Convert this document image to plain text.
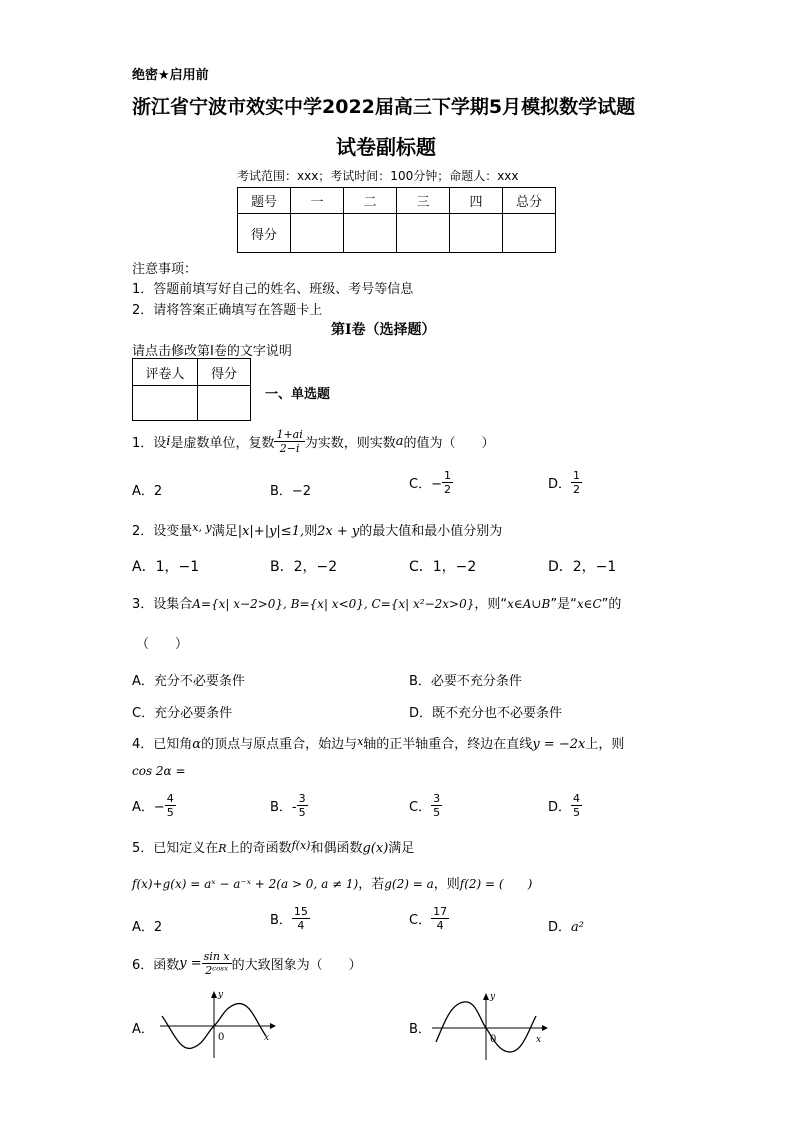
绝密★启用前
浙江省宁波市效实中学2022届高三下学期5月模拟数学试题
试卷副标题
考试范围：xxx；考试时间：100分钟；命题人：xxx
题号	一	二	三	四	总分
得分					
注意事项：
1．答题前填写好自己的姓名、班级、考号等信息
2．请将答案正确填写在答题卡上
第I卷（选择题）
请点击修改第I卷的文字说明
评卷人	得分

一、单选题
1．设 i 是虚数单位，复数 $\frac{1+ai}{2-i}$ 为实数，则实数 a 的值为（　　）
A．2	B．−2	C．− $\frac{1}{2}$	D． $\frac{1}{2}$
2．设变量$^{x, y}$满足|x|+|y|≤1,则2x + y的最大值和最小值分别为
A．1，−1	B．2，−2	C．1，−2	D．2，−1
3．设集合A={x| x−2>0}, B={x| x<0}, C={x| x²−2x>0}，则“x∈A∪B”是“x∈C”的
（　　）
A．充分不必要条件	B．必要不充分条件
C．充分必要条件	D．既不充分也不必要条件
4．已知角α的顶点与原点重合，始边与$^x$轴的正半轴重合，终边在直线y = −2x上，则
cos 2α =
A．− $\frac{4}{5}$	B．- $\frac{3}{5}$	C． $\frac{3}{5}$	D． $\frac{4}{5}$
5．已知定义在R上的奇函数$^{f(x)}$和偶函数g(x)满足
f(x)+g(x) = aˣ − a⁻ˣ + 2(a > 0, a ≠ 1)，若g(2) = a，则f(2) = (　　)
A．2	B． $\frac{15}{4}$	C． $\frac{17}{4}$	D．a²
6．函数 $y = \frac{\text{sin x}}{\text{2ᶜᵒˢˣ}}$ 的大致图象为（　　）
A．
y
x
0
B．
y
x
0
